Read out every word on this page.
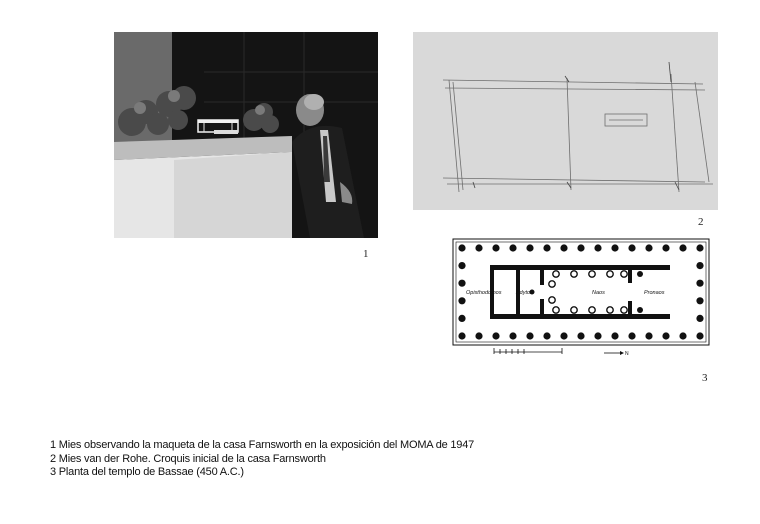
1
2
Opisthodomos	Adyton	Naos	Pronaos
N
3
1 Mies observando la maqueta de la casa Farnsworth en la exposición del MOMA de 1947
2 Mies van der Rohe. Croquis inicial de la casa Farnsworth
3 Planta del templo de Bassae (450 A.C.)
